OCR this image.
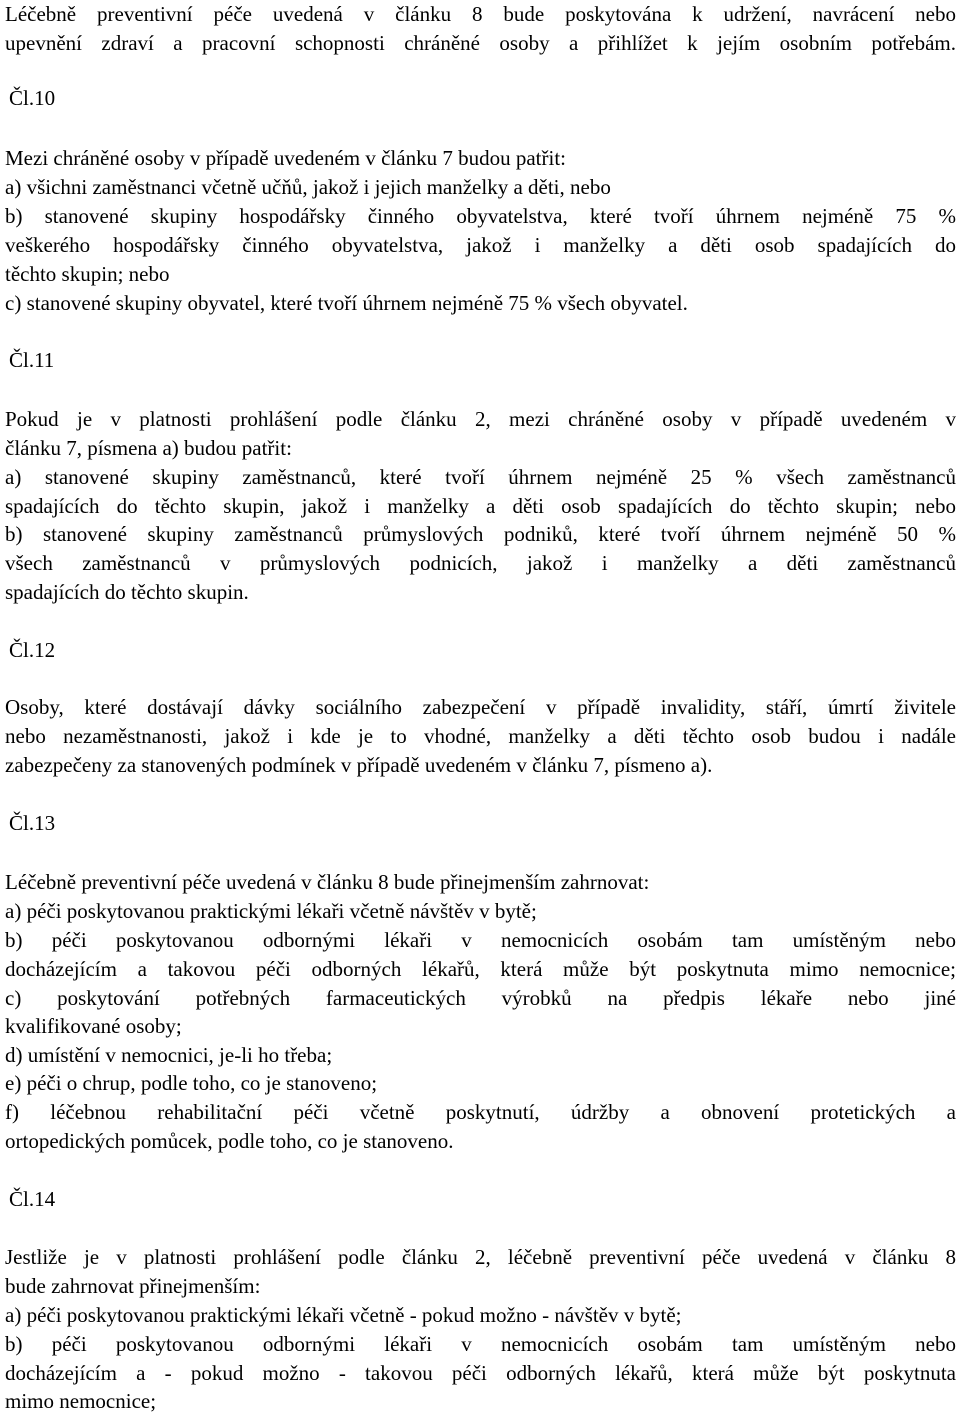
Léčebně preventivní péče uvedená v článku 8 bude poskytována k udržení, navrácení nebo
upevnění zdraví a pracovní schopnosti chráněné osoby a přihlížet k jejím osobním potřebám.
Čl.10
Mezi chráněné osoby v případě uvedeném v článku 7 budou patřit:
a) všichni zaměstnanci včetně učňů, jakož i jejich manželky a děti, nebo
b) stanovené skupiny hospodářsky činného obyvatelstva, které tvoří úhrnem nejméně 75 %
veškerého hospodářsky činného obyvatelstva, jakož i manželky a děti osob spadajících do
těchto skupin; nebo
c) stanovené skupiny obyvatel, které tvoří úhrnem nejméně 75 % všech obyvatel.
Čl.11
Pokud je v platnosti prohlášení podle článku 2, mezi chráněné osoby v případě uvedeném v
článku 7, písmena a) budou patřit:
a) stanovené skupiny zaměstnanců, které tvoří úhrnem nejméně 25 % všech zaměstnanců
spadajících do těchto skupin, jakož i manželky a děti osob spadajících do těchto skupin; nebo
b) stanovené skupiny zaměstnanců průmyslových podniků, které tvoří úhrnem nejméně 50 %
všech zaměstnanců v průmyslových podnicích, jakož i manželky a děti zaměstnanců
spadajících do těchto skupin.
Čl.12
Osoby, které dostávají dávky sociálního zabezpečení v případě invalidity, stáří, úmrtí živitele
nebo nezaměstnanosti, jakož i kde je to vhodné, manželky a děti těchto osob budou i nadále
zabezpečeny za stanovených podmínek v případě uvedeném v článku 7, písmeno a).
Čl.13
Léčebně preventivní péče uvedená v článku 8 bude přinejmenším zahrnovat:
a) péči poskytovanou praktickými lékaři včetně návštěv v bytě;
b) péči poskytovanou odbornými lékaři v nemocnicích osobám tam umístěným nebo
docházejícím a takovou péči odborných lékařů, která může být poskytnuta mimo nemocnice;
c) poskytování potřebných farmaceutických výrobků na předpis lékaře nebo jiné
kvalifikované osoby;
d) umístění v nemocnici, je-li ho třeba;
e) péči o chrup, podle toho, co je stanoveno;
f) léčebnou rehabilitační péči včetně poskytnutí, údržby a obnovení protetických a
ortopedických pomůcek, podle toho, co je stanoveno.
Čl.14
Jestliže je v platnosti prohlášení podle článku 2, léčebně preventivní péče uvedená v článku 8
bude zahrnovat přinejmenším:
a) péči poskytovanou praktickými lékaři včetně - pokud možno - návštěv v bytě;
b) péči poskytovanou odbornými lékaři v nemocnicích osobám tam umístěným nebo
docházejícím a - pokud možno - takovou péči odborných lékařů, která může být poskytnuta
mimo nemocnice;
